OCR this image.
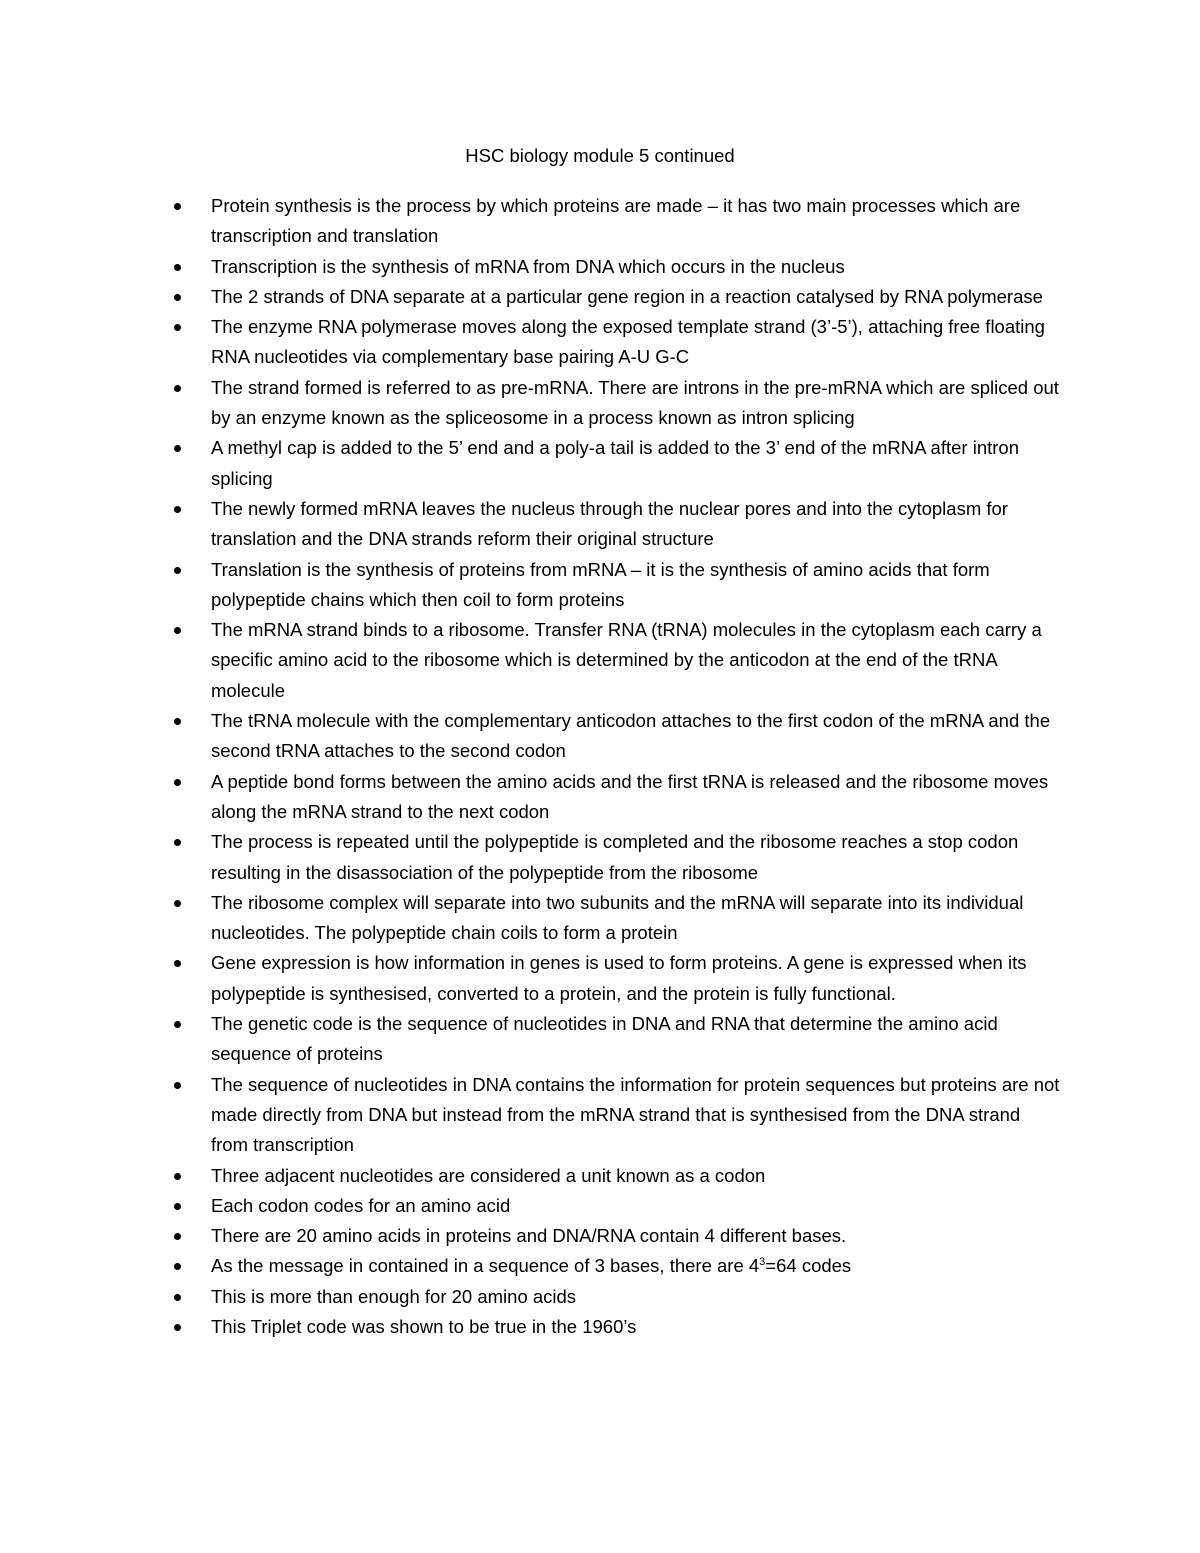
HSC biology module 5 continued
Protein synthesis is the process by which proteins are made – it has two main processes which are transcription and translation
Transcription is the synthesis of mRNA from DNA which occurs in the nucleus
The 2 strands of DNA separate at a particular gene region in a reaction catalysed by RNA polymerase
The enzyme RNA polymerase moves along the exposed template strand (3’-5’), attaching free floating RNA nucleotides via complementary base pairing A-U G-C
The strand formed is referred to as pre-mRNA. There are introns in the pre-mRNA which are spliced out by an enzyme known as the spliceosome in a process known as intron splicing
A methyl cap is added to the 5’ end and a poly-a tail is added to the 3’ end of the mRNA after intron splicing
The newly formed mRNA leaves the nucleus through the nuclear pores and into the cytoplasm for translation and the DNA strands reform their original structure
Translation is the synthesis of proteins from mRNA – it is the synthesis of amino acids that form polypeptide chains which then coil to form proteins
The mRNA strand binds to a ribosome. Transfer RNA (tRNA) molecules in the cytoplasm each carry a specific amino acid to the ribosome which is determined by the anticodon at the end of the tRNA molecule
The tRNA molecule with the complementary anticodon attaches to the first codon of the mRNA and the second tRNA attaches to the second codon
A peptide bond forms between the amino acids and the first tRNA is released and the ribosome moves along the mRNA strand to the next codon
The process is repeated until the polypeptide is completed and the ribosome reaches a stop codon resulting in the disassociation of the polypeptide from the ribosome
The ribosome complex will separate into two subunits and the mRNA will separate into its individual nucleotides. The polypeptide chain coils to form a protein
Gene expression is how information in genes is used to form proteins. A gene is expressed when its polypeptide is synthesised, converted to a protein, and the protein is fully functional.
The genetic code is the sequence of nucleotides in DNA and RNA that determine the amino acid sequence of proteins
The sequence of nucleotides in DNA contains the information for protein sequences but proteins are not made directly from DNA but instead from the mRNA strand that is synthesised from the DNA strand from transcription
Three adjacent nucleotides are considered a unit known as a codon
Each codon codes for an amino acid
There are 20 amino acids in proteins and DNA/RNA contain 4 different bases.
As the message in contained in a sequence of 3 bases, there are $4^3=64$ codes
This is more than enough for 20 amino acids
This Triplet code was shown to be true in the 1960’s
